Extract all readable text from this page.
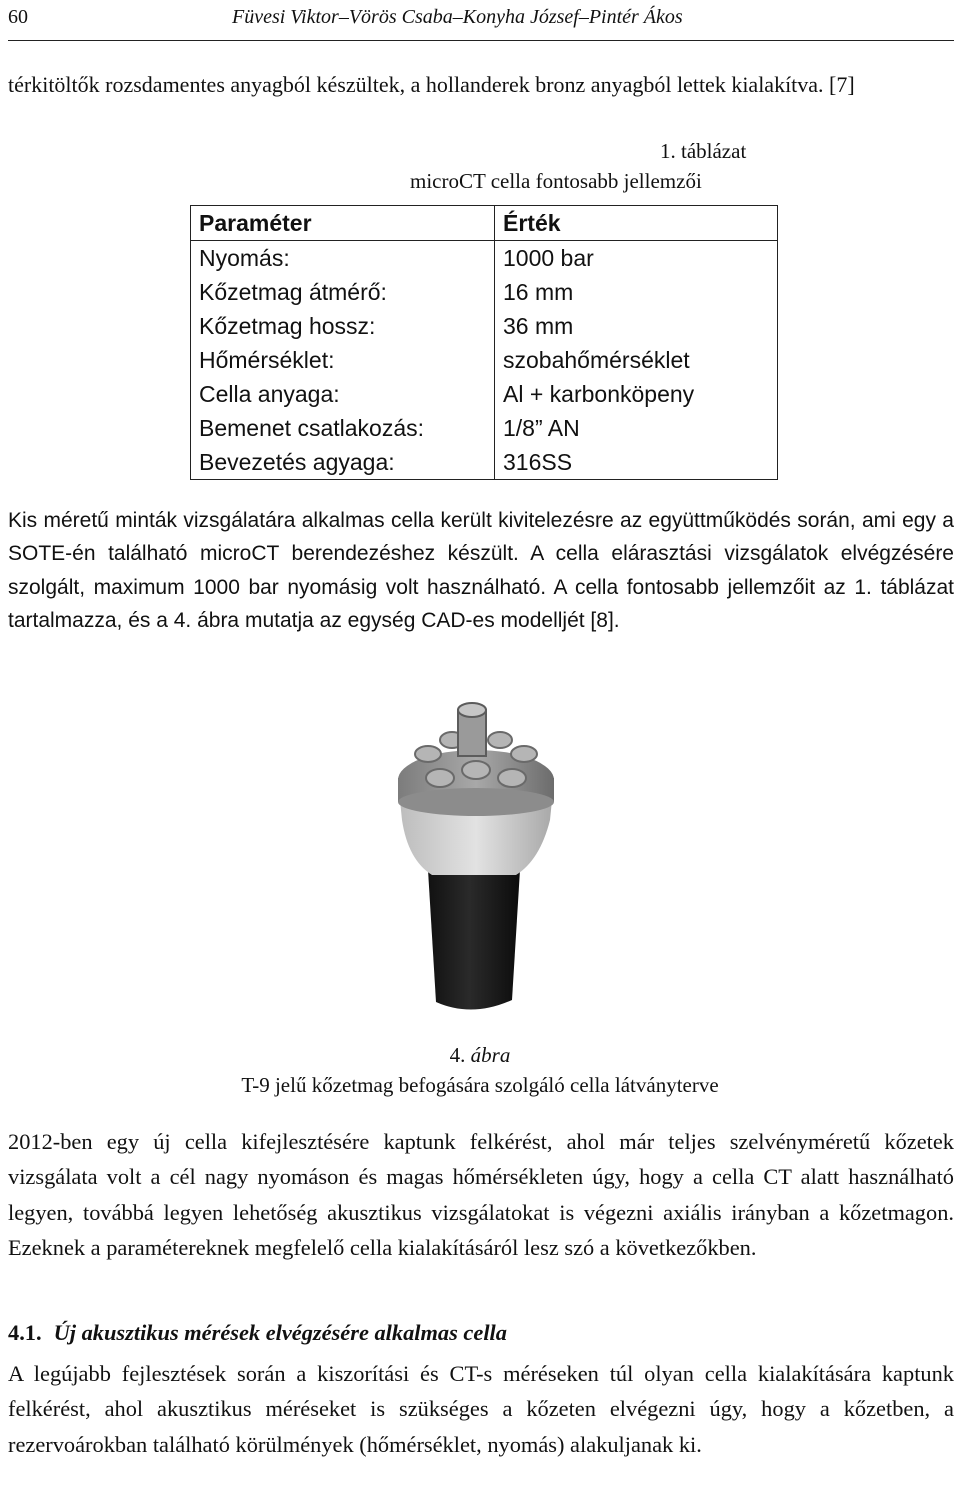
60	Füvesi Viktor–Vörös Csaba–Konyha József–Pintér Ákos
térkitöltők rozsdamentes anyagból készültek, a hollanderek bronz anyagból lettek kialakítva. [7]
1. táblázat
microCT cella fontosabb jellemzői
Paraméter	Érték
Nyomás:	1000 bar
Kőzetmag átmérő:	16 mm
Kőzetmag hossz:	36 mm
Hőmérséklet:	szobahőmérséklet
Cella anyaga:	Al + karbonköpeny
Bemenet csatlakozás:	1/8” AN
Bevezetés agyaga:	316SS
Kis méretű minták vizsgálatára alkalmas cella került kivitelezésre az együttműködés során, ami egy a SOTE-én található microCT berendezéshez készült. A cella elárasztási vizsgálatok elvégzésére szolgált, maximum 1000 bar nyomásig volt használható. A cella fontosabb jellemzőit az 1. táblázat tartalmazza, és a 4. ábra mutatja az egység CAD-es modelljét [8].
4. ábra
T-9 jelű kőzetmag befogására szolgáló cella látványterve
2012-ben egy új cella kifejlesztésére kaptunk felkérést, ahol már teljes szelvényméretű kőzetek vizsgálata volt a cél nagy nyomáson és magas hőmérsékleten úgy, hogy a cella CT alatt használható legyen, továbbá legyen lehetőség akusztikus vizsgálatokat is végezni axiális irányban a kőzetmagon. Ezeknek a paramétereknek megfelelő cella kialakításáról lesz szó a következőkben.
4.1. Új akusztikus mérések elvégzésére alkalmas cella
A legújabb fejlesztések során a kiszorítási és CT-s méréseken túl olyan cella kialakítására kaptunk felkérést, ahol akusztikus méréseket is szükséges a kőzeten elvégezni úgy, hogy a kőzetben, a rezervoárokban található körülmények (hőmérséklet, nyomás) alakuljanak ki.
